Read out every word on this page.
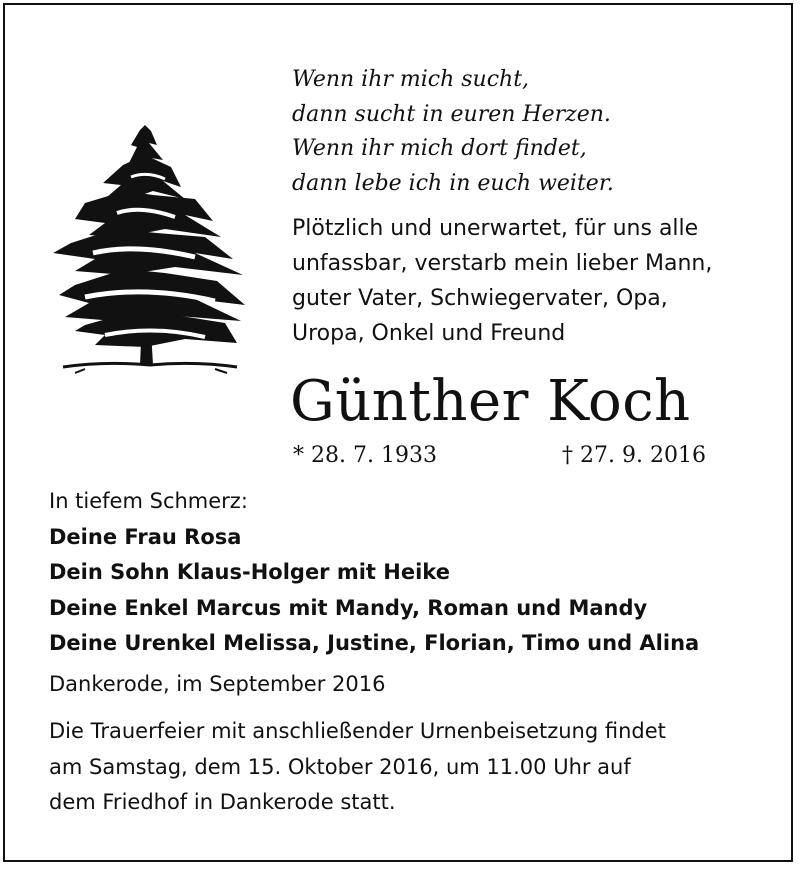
Wenn ihr mich sucht,
dann sucht in euren Herzen.
Wenn ihr mich dort findet,
dann lebe ich in euch weiter.
Plötzlich und unerwartet, für uns alle
unfassbar, verstarb mein lieber Mann,
guter Vater, Schwiegervater, Opa,
Uropa, Onkel und Freund
Günther Koch
* 28. 7. 1933	† 27. 9. 2016
In tiefem Schmerz:
Deine Frau Rosa
Dein Sohn Klaus-Holger mit Heike
Deine Enkel Marcus mit Mandy, Roman und Mandy
Deine Urenkel Melissa, Justine, Florian, Timo und Alina
Dankerode, im September 2016
Die Trauerfeier mit anschließender Urnenbeisetzung findet
am Samstag, dem 15. Oktober 2016, um 11.00 Uhr auf
dem Friedhof in Dankerode statt.
